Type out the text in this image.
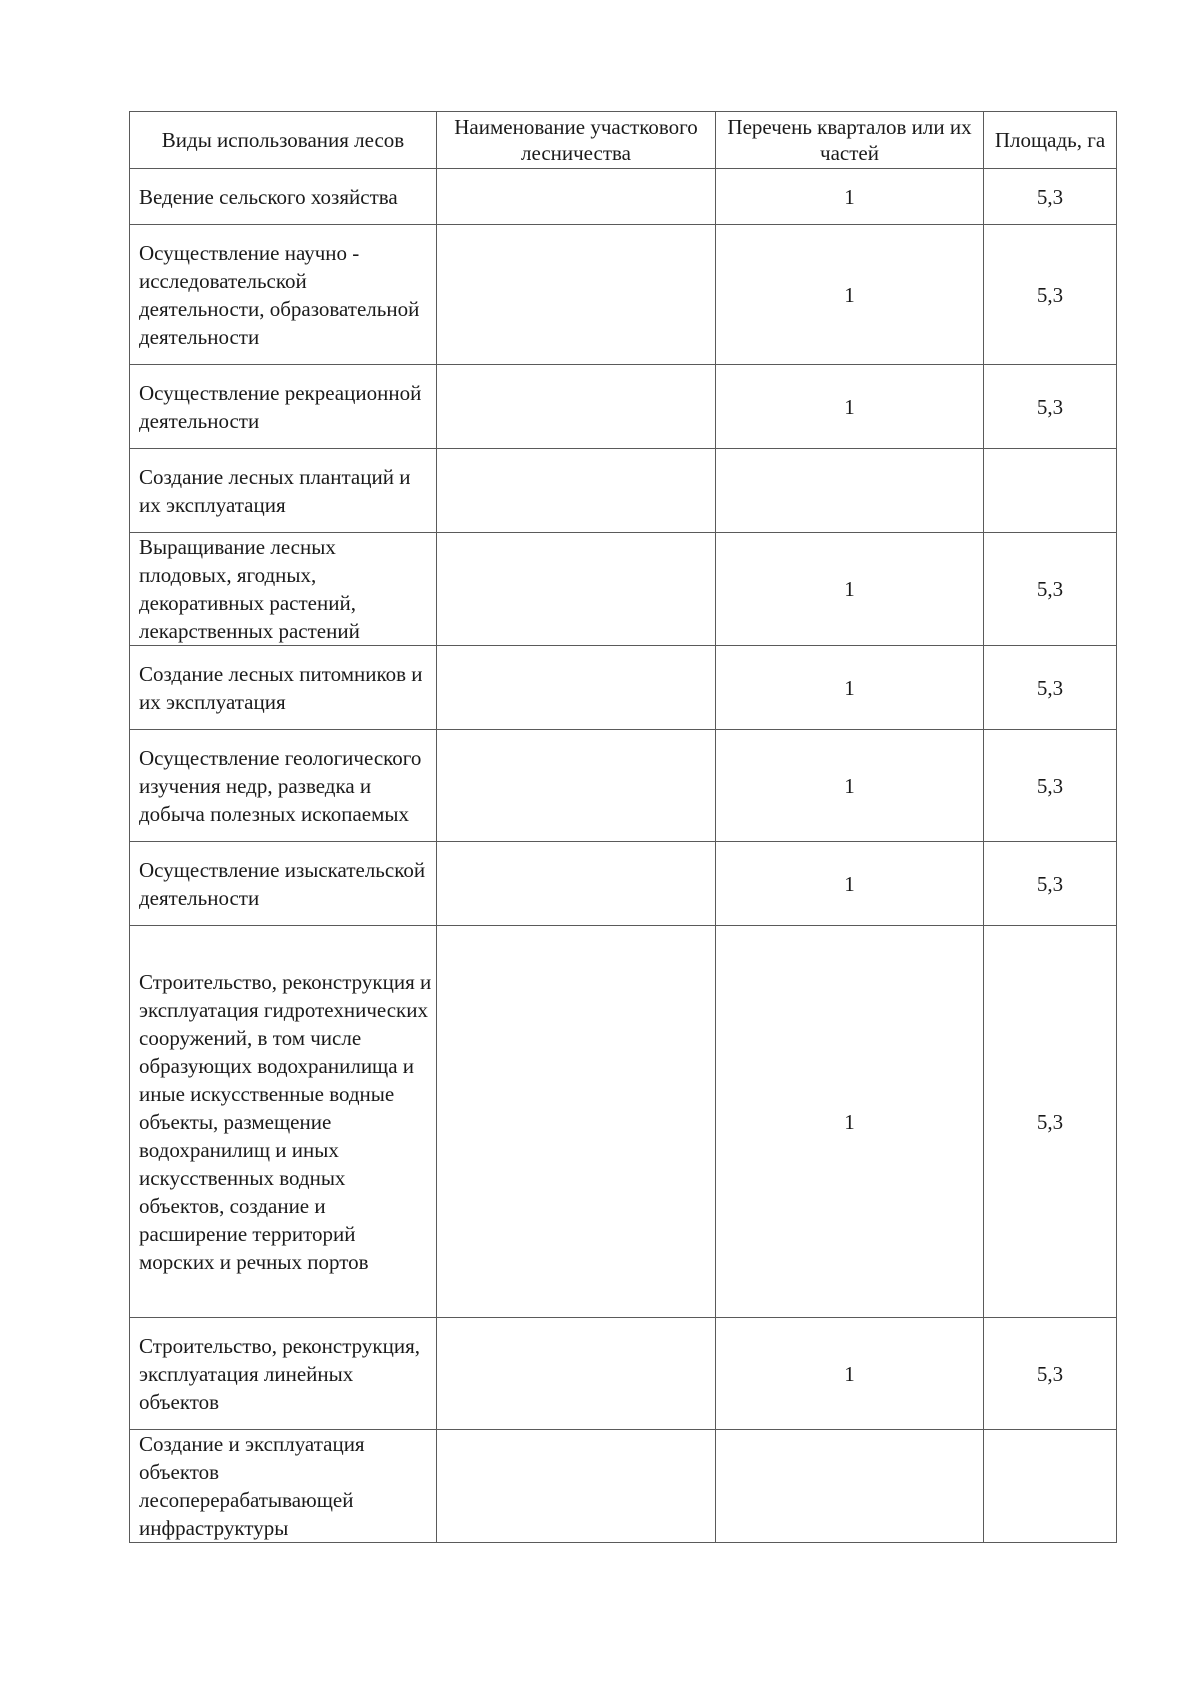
Виды использования лесов	Наименование участкового лесничества	Перечень кварталов или их частей	Площадь, га
Ведение сельского хозяйства		1	5,3
Осуществление научно - исследовательской деятельности, образовательной деятельности		1	5,3
Осуществление рекреационной деятельности		1	5,3
Создание лесных плантаций и их эксплуатация			
Выращивание лесных плодовых, ягодных, декоративных растений, лекарственных растений		1	5,3
Создание лесных питомников и их эксплуатация		1	5,3
Осуществление геологического изучения недр, разведка и добыча полезных ископаемых		1	5,3
Осуществление изыскательской деятельности		1	5,3
Строительство, реконструкция и эксплуатация гидротехнических сооружений, в том числе образующих водохранилища и иные искусственные водные объекты, размещение водохранилищ и иных искусственных водных объектов, создание и расширение территорий морских и речных портов		1	5,3
Строительство, реконструкция, эксплуатация линейных объектов		1	5,3
Создание и эксплуатация объектов лесоперерабатывающей инфраструктуры			
